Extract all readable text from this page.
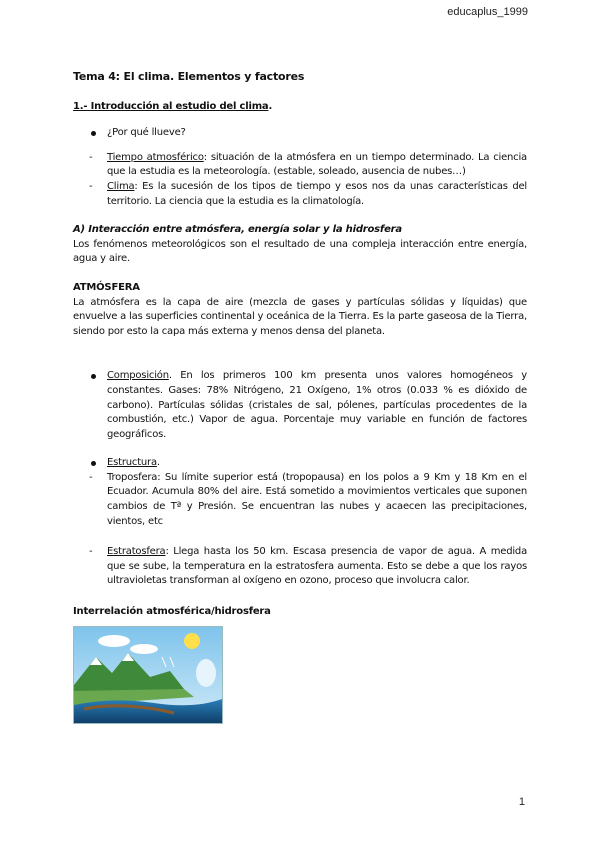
educaplus_1999

Tema 4: El clima. Elementos y factores

1.- Introducción al estudio del clima.

¿Por qué llueve?

- Tiempo atmosférico: situación de la atmósfera en un tiempo determinado. La ciencia que la estudia es la meteorología. (estable, soleado, ausencia de nubes…)
- Clima: Es la sucesión de los tipos de tiempo y esos nos da unas características del territorio. La ciencia que la estudia es la climatología.

A) Interacción entre atmósfera, energía solar y la hidrosfera

Los fenómenos meteorológicos son el resultado de una compleja interacción entre energía, agua y aire.

ATMÓSFERA

La atmósfera es la capa de aire (mezcla de gases y partículas sólidas y líquidas) que envuelve a las superficies continental y oceánica de la Tierra. Es la parte gaseosa de la Tierra, siendo por esto la capa más externa y menos densa del planeta.

Composición. En los primeros 100 km presenta unos valores homogéneos y constantes. Gases: 78% Nitrógeno, 21 Oxígeno, 1% otros (0.033 % es dióxido de carbono). Partículas sólidas (cristales de sal, pólenes, partículas procedentes de la combustión, etc.) Vapor de agua. Porcentaje muy variable en función de factores geográficos.
Estructura.
- Troposfera: Su límite superior está (tropopausa) en los polos a 9 Km y 18 Km en el Ecuador. Acumula 80% del aire. Está sometido a movimientos verticales que suponen cambios de Tª y Presión. Se encuentran las nubes y acaecen las precipitaciones, vientos, etc
- Estratosfera: Llega hasta los 50 km. Escasa presencia de vapor de agua. A medida que se sube, la temperatura en la estratosfera aumenta. Esto se debe a que los rayos ultravioletas transforman al oxígeno en ozono, proceso que involucra calor.

Interrelación atmosférica/hidrosfera

1
